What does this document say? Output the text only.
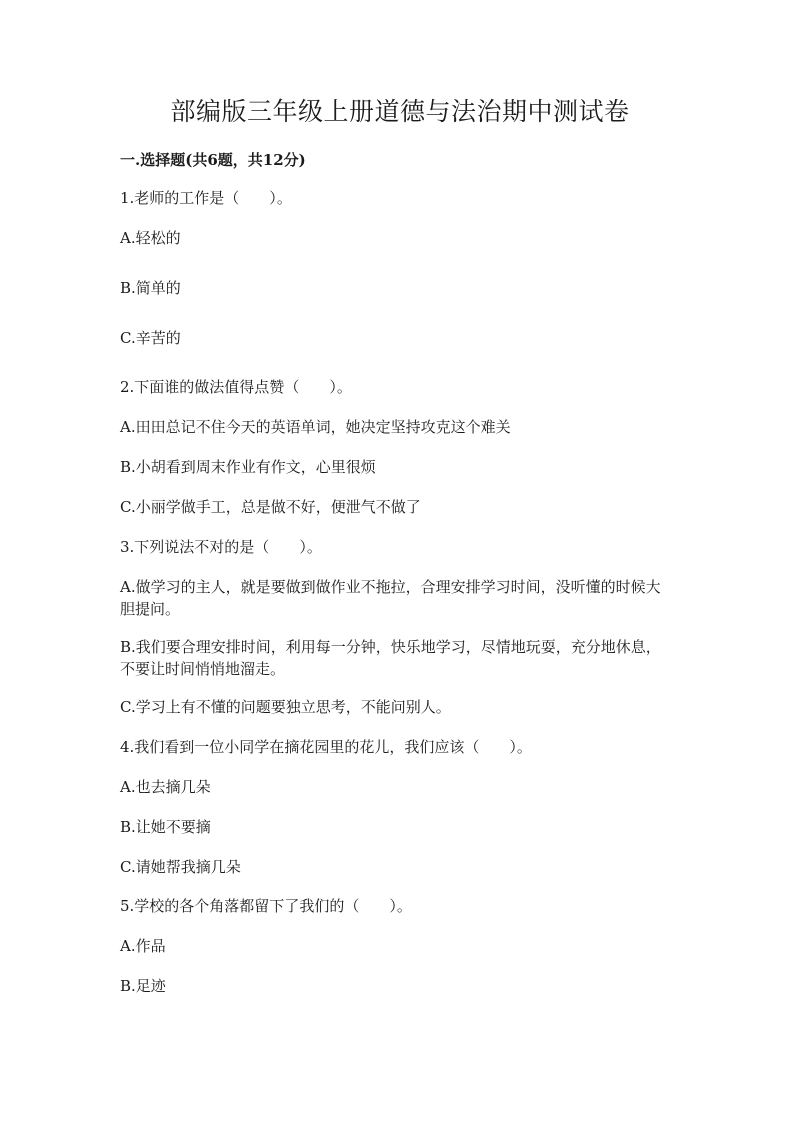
部编版三年级上册道德与法治期中测试卷
一.选择题(共6题，共12分)
1.老师的工作是（　　）。
A.轻松的
B.简单的
C.辛苦的
2.下面谁的做法值得点赞（　　）。
A.田田总记不住今天的英语单词，她决定坚持攻克这个难关
B.小胡看到周末作业有作文，心里很烦
C.小丽学做手工，总是做不好，便泄气不做了
3.下列说法不对的是（　　）。
A.做学习的主人，就是要做到做作业不拖拉，合理安排学习时间，没听懂的时候大胆提问。
B.我们要合理安排时间，利用每一分钟，快乐地学习，尽情地玩耍，充分地休息，不要让时间悄悄地溜走。
C.学习上有不懂的问题要独立思考，不能问别人。
4.我们看到一位小同学在摘花园里的花儿，我们应该（　　）。
A.也去摘几朵
B.让她不要摘
C.请她帮我摘几朵
5.学校的各个角落都留下了我们的（　　）。
A.作品
B.足迹
